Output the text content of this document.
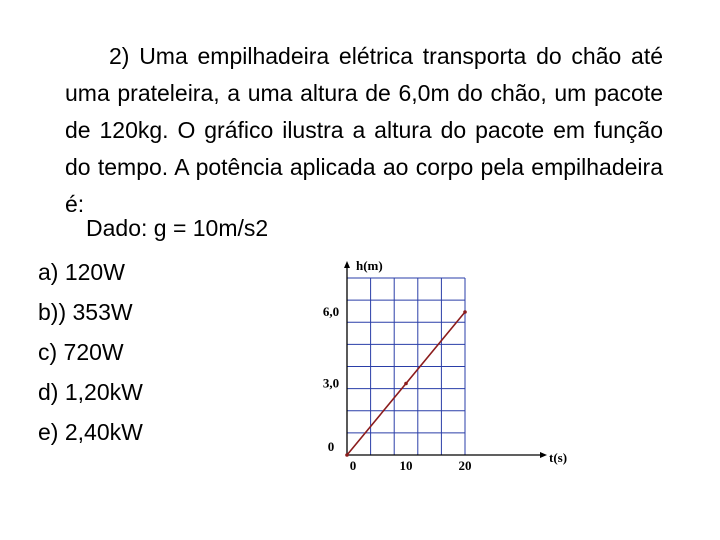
2) Uma empilhadeira elétrica transporta do chão até uma prateleira, a uma altura de 6,0m do chão, um pacote de 120kg. O gráfico ilustra a altura do pacote em função do tempo. A potência aplicada ao corpo pela empilhadeira é:

Dado: g = 10m/s2
a) 120W
b)) 353W
c) 720W
d) 1,20kW
e) 2,40kW
0
3,0
6,0
0	10	20
h(m)
t(s)
